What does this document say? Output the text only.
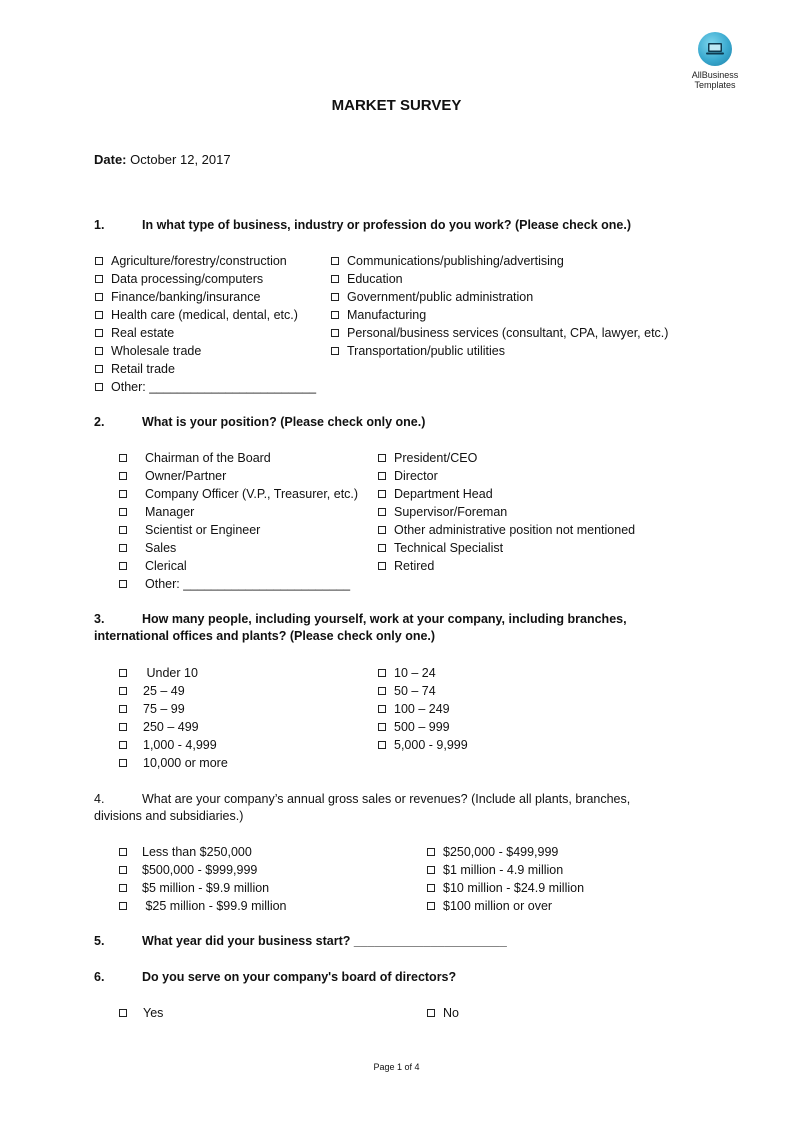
AllBusiness
Templates
MARKET SURVEY
Date: October 12, 2017
1.	In what type of business, industry or profession do you work? (Please check one.)
Agriculture/forestry/construction
Data processing/computers
Finance/banking/insurance
Health care (medical, dental, etc.)
Real estate
Wholesale trade
Retail trade
Other: ________________________
Communications/publishing/advertising
Education
Government/public administration
Manufacturing
Personal/business services (consultant, CPA, lawyer, etc.)
Transportation/public utilities
2.	What is your position? (Please check only one.)
Chairman of the Board
Owner/Partner
Company Officer (V.P., Treasurer, etc.)
Manager
Scientist or Engineer
Sales
Clerical
Other: ________________________
President/CEO
Director
Department Head
Supervisor/Foreman
Other administrative position not mentioned
Technical Specialist
Retired
3.	How many people, including yourself, work at your company, including branches,
international offices and plants? (Please check only one.)
Under 10
25 – 49
75 – 99
250 – 499
1,000 - 4,999
10,000 or more
10 – 24
50 – 74
100 – 249
500 – 999
5,000 - 9,999
4.	What are your company’s annual gross sales or revenues? (Include all plants, branches,
divisions and subsidiaries.)
Less than $250,000
$500,000 - $999,999
$5 million - $9.9 million
$25 million - $99.9 million
$250,000 - $499,999
$1 million - 4.9 million
$10 million - $24.9 million
$100 million or over
5.	What year did your business start? ______________________
6.	Do you serve on your company's board of directors?
Yes	No
Page 1 of 4
